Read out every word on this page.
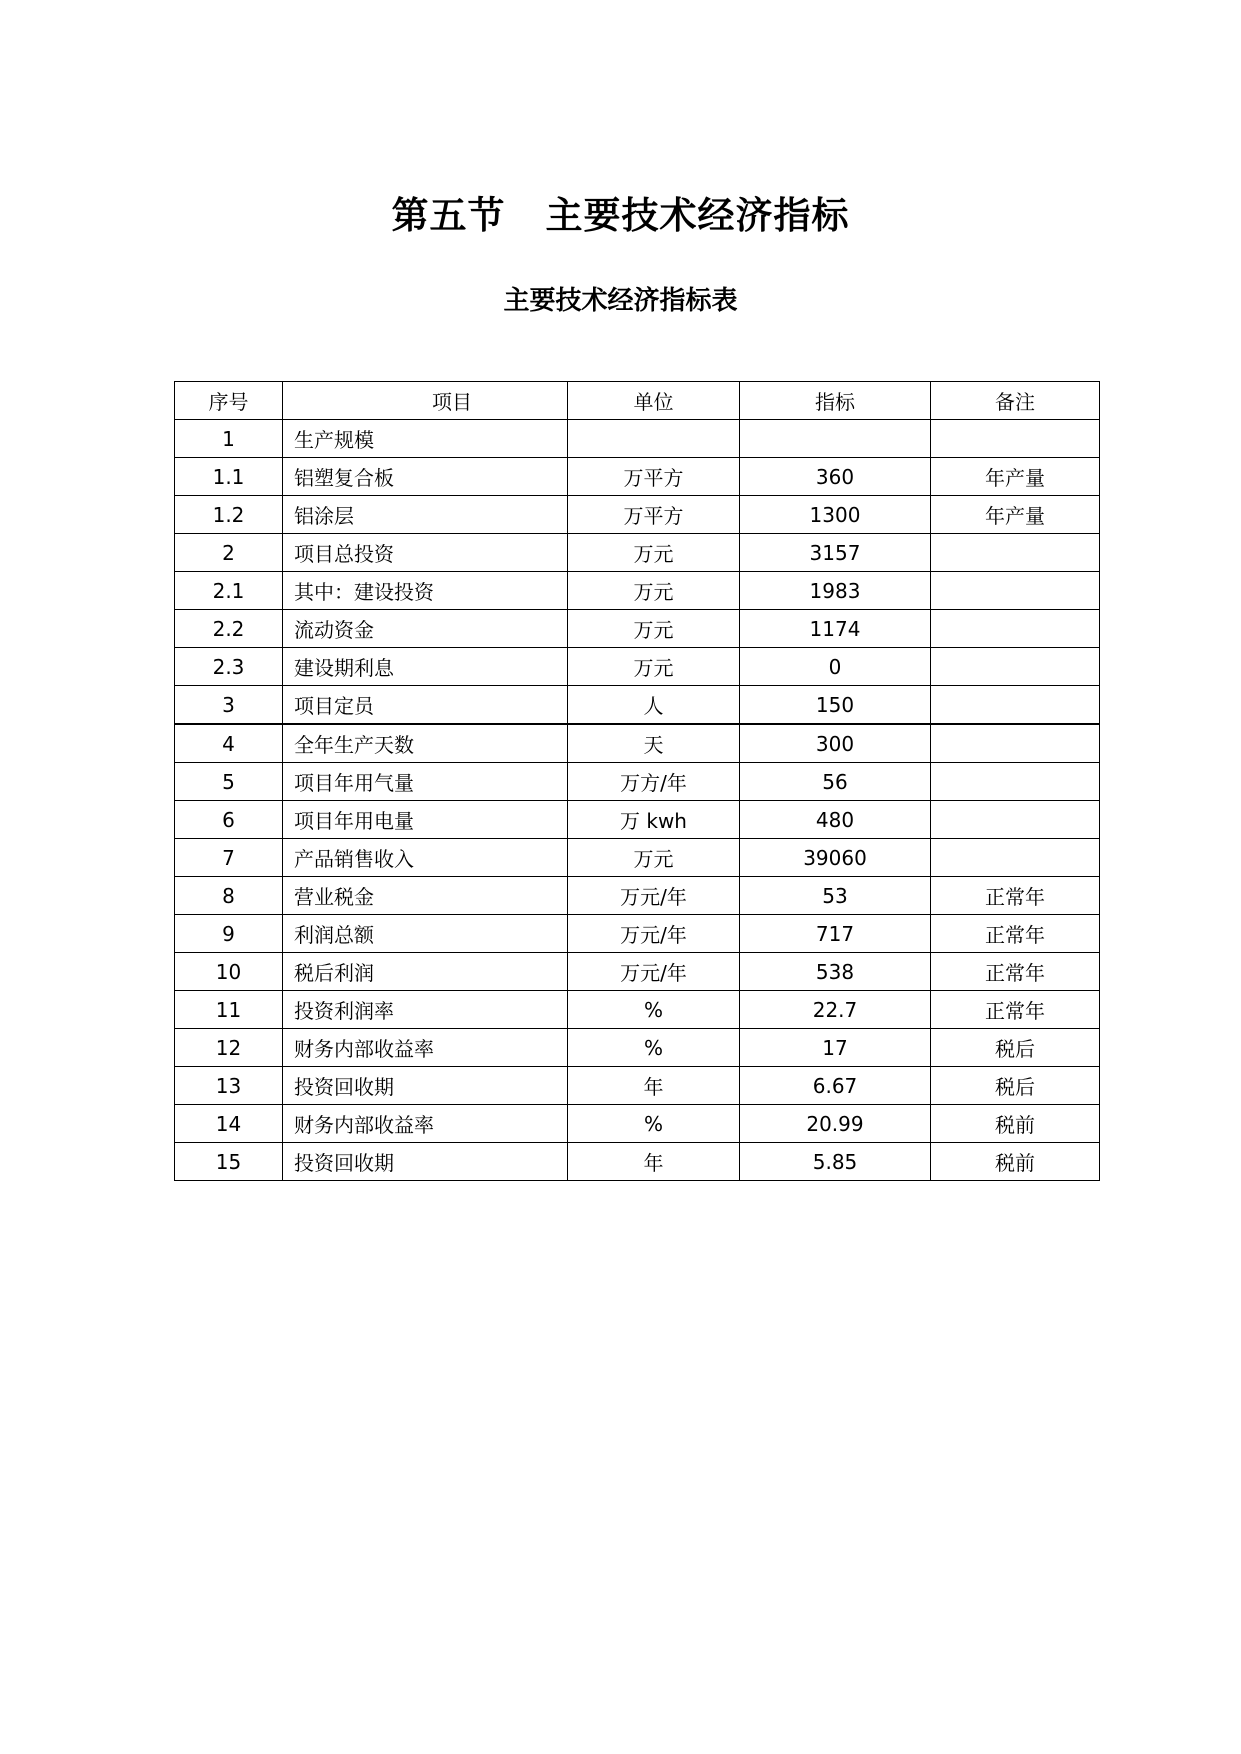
第五节 主要技术经济指标
主要技术经济指标表
序号	项目	单位	指标	备注
1	生产规模			
1.1	铝塑复合板	万平方	360	年产量
1.2	铝涂层	万平方	1300	年产量
2	项目总投资	万元	3157	
2.1	其中：建设投资	万元	1983	
2.2	流动资金	万元	1174	
2.3	建设期利息	万元	0	
3	项目定员	人	150	
4	全年生产天数	天	300	
5	项目年用气量	万方/年	56	
6	项目年用电量	万 kwh	480	
7	产品销售收入	万元	39060	
8	营业税金	万元/年	53	正常年
9	利润总额	万元/年	717	正常年
10	税后利润	万元/年	538	正常年
11	投资利润率	%	22.7	正常年
12	财务内部收益率	%	17	税后
13	投资回收期	年	6.67	税后
14	财务内部收益率	%	20.99	税前
15	投资回收期	年	5.85	税前
